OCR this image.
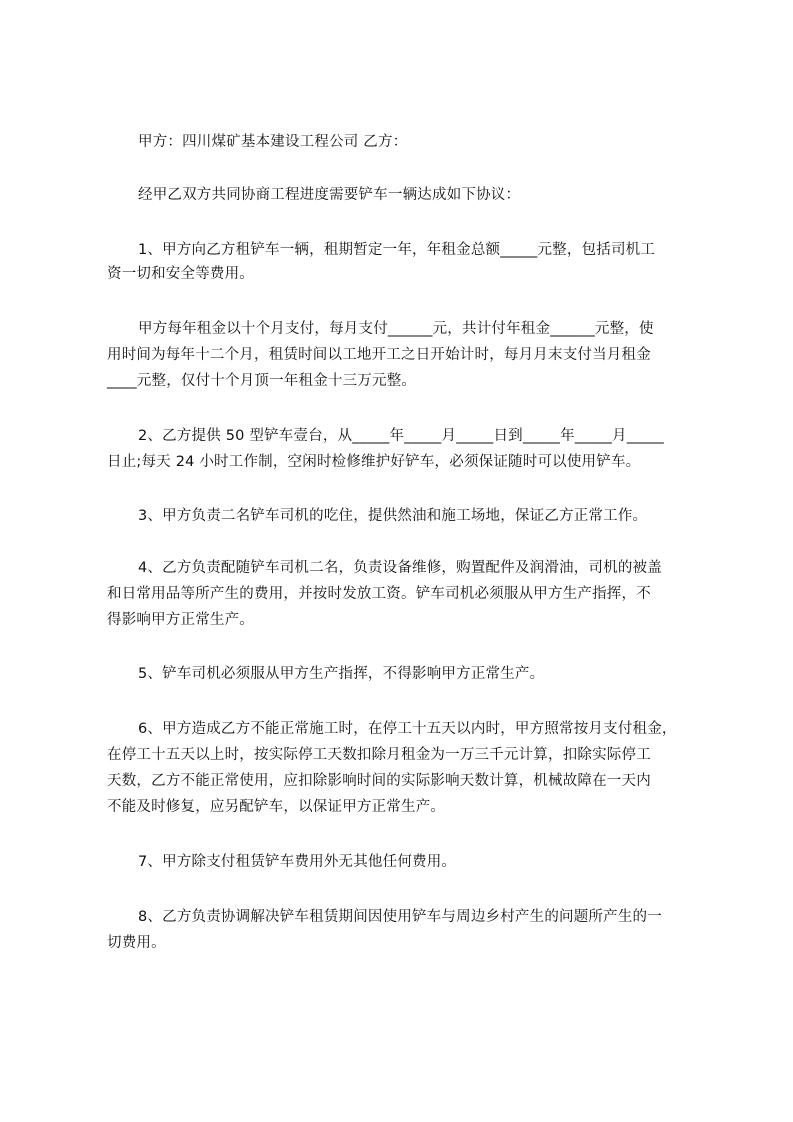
甲方：四川煤矿基本建设工程公司 乙方：
经甲乙双方共同协商工程进度需要铲车一辆达成如下协议：
1、甲方向乙方租铲车一辆，租期暂定一年，年租金总额_____元整，包括司机工
资一切和安全等费用。
甲方每年租金以十个月支付，每月支付______元，共计付年租金______元整，使
用时间为每年十二个月，租赁时间以工地开工之日开始计时，每月月末支付当月租金
____元整，仅付十个月顶一年租金十三万元整。
2、乙方提供 50 型铲车壹台，从_____年_____月_____日到_____年_____月_____
日止;每天 24 小时工作制，空闲时检修维护好铲车，必须保证随时可以使用铲车。
3、甲方负责二名铲车司机的吃住，提供然油和施工场地，保证乙方正常工作。
4、乙方负责配随铲车司机二名，负责设备维修，购置配件及润滑油，司机的被盖
和日常用品等所产生的费用，并按时发放工资。铲车司机必须服从甲方生产指挥，不
得影响甲方正常生产。
5、铲车司机必须服从甲方生产指挥，不得影响甲方正常生产。
6、甲方造成乙方不能正常施工时，在停工十五天以内时，甲方照常按月支付租金，
在停工十五天以上时，按实际停工天数扣除月租金为一万三千元计算，扣除实际停工
天数，乙方不能正常使用，应扣除影响时间的实际影响天数计算，机械故障在一天内
不能及时修复，应另配铲车，以保证甲方正常生产。
7、甲方除支付租赁铲车费用外无其他任何费用。
8、乙方负责协调解决铲车租赁期间因使用铲车与周边乡村产生的问题所产生的一
切费用。
